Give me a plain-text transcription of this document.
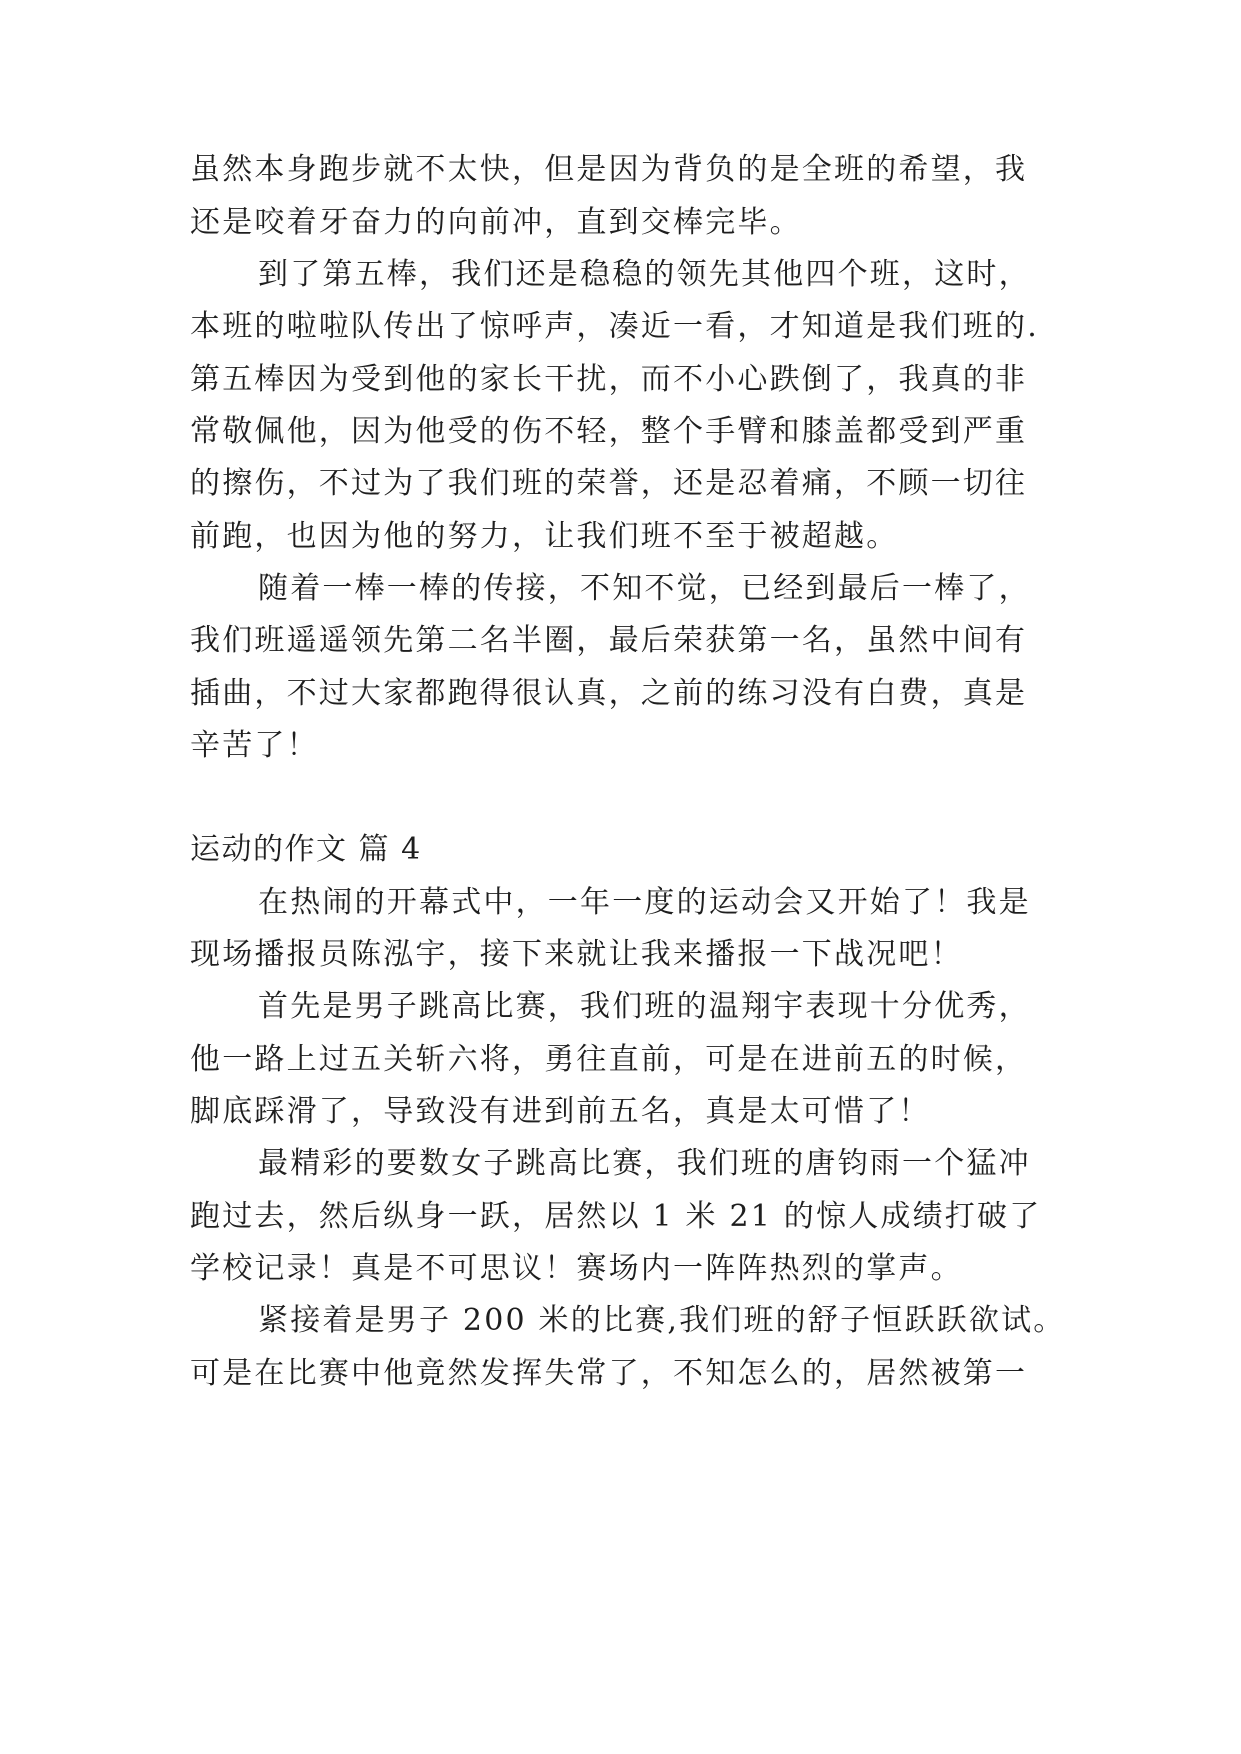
虽然本身跑步就不太快，但是因为背负的是全班的希望，我
还是咬着牙奋力的向前冲，直到交棒完毕。
到了第五棒，我们还是稳稳的领先其他四个班，这时，
本班的啦啦队传出了惊呼声，凑近一看，才知道是我们班的.
第五棒因为受到他的家长干扰，而不小心跌倒了，我真的非
常敬佩他，因为他受的伤不轻，整个手臂和膝盖都受到严重
的擦伤，不过为了我们班的荣誉，还是忍着痛，不顾一切往
前跑，也因为他的努力，让我们班不至于被超越。
随着一棒一棒的传接，不知不觉，已经到最后一棒了，
我们班遥遥领先第二名半圈，最后荣获第一名，虽然中间有
插曲，不过大家都跑得很认真，之前的练习没有白费，真是
辛苦了！
运动的作文 篇 4
在热闹的开幕式中，一年一度的运动会又开始了！我是
现场播报员陈泓宇，接下来就让我来播报一下战况吧！
首先是男子跳高比赛，我们班的温翔宇表现十分优秀，
他一路上过五关斩六将，勇往直前，可是在进前五的时候，
脚底踩滑了，导致没有进到前五名，真是太可惜了！
最精彩的要数女子跳高比赛，我们班的唐钧雨一个猛冲
跑过去，然后纵身一跃，居然以 1 米 21 的惊人成绩打破了
学校记录！真是不可思议！赛场内一阵阵热烈的掌声。
紧接着是男子 200 米的比赛,我们班的舒子恒跃跃欲试。
可是在比赛中他竟然发挥失常了，不知怎么的，居然被第一
